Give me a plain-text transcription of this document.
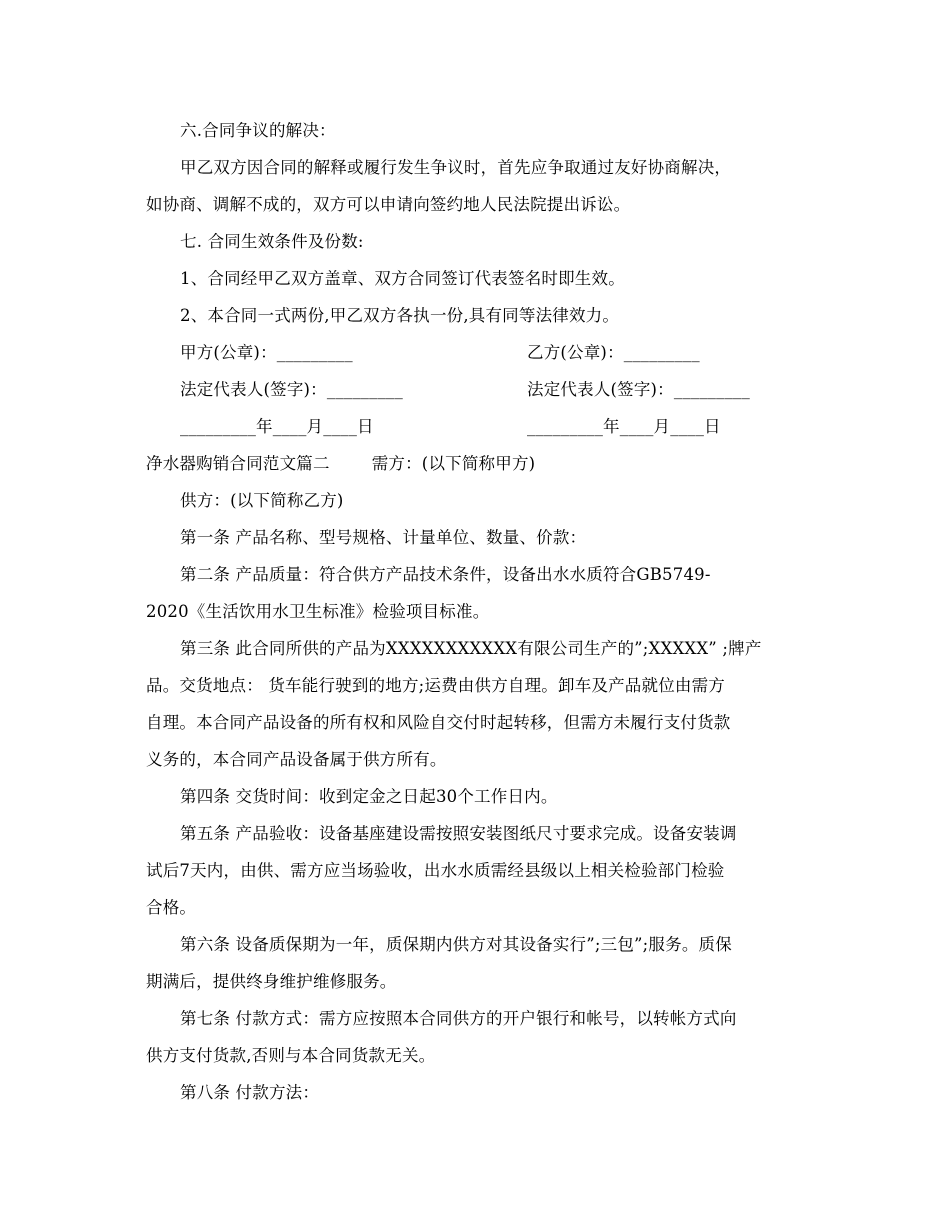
六.合同争议的解决：
甲乙双方因合同的解释或履行发生争议时，首先应争取通过友好协商解决，
如协商、调解不成的，双方可以申请向签约地人民法院提出诉讼。
七. 合同生效条件及份数:
1、合同经甲乙双方盖章、双方合同签订代表签名时即生效。
2、本合同一式两份,甲乙双方各执一份,具有同等法律效力。
甲方(公章)：_________	乙方(公章)：_________
法定代表人(签字)：_________	法定代表人(签字)：_________
_________年____月____日	_________年____月____日
净水器购销合同范文篇二	需方：(以下简称甲方)
供方：(以下简称乙方)
第一条 产品名称、型号规格、计量单位、数量、价款：
第二条 产品质量：符合供方产品技术条件，设备出水水质符合GB5749-
2020《生活饮用水卫生标准》检验项目标准。
第三条 此合同所供的产品为XXXXXXXXXXX有限公司生产的”;XXXXX” ;牌产
品。交货地点： 货车能行驶到的地方;运费由供方自理。卸车及产品就位由需方
自理。本合同产品设备的所有权和风险自交付时起转移，但需方未履行支付货款
义务的，本合同产品设备属于供方所有。
第四条 交货时间：收到定金之日起30个工作日内。
第五条 产品验收：设备基座建设需按照安装图纸尺寸要求完成。设备安装调
试后7天内，由供、需方应当场验收，出水水质需经县级以上相关检验部门检验
合格。
第六条 设备质保期为一年，质保期内供方对其设备实行”;三包”;服务。质保
期满后，提供终身维护维修服务。
第七条 付款方式：需方应按照本合同供方的开户银行和帐号，以转帐方式向
供方支付货款,否则与本合同货款无关。
第八条 付款方法：
